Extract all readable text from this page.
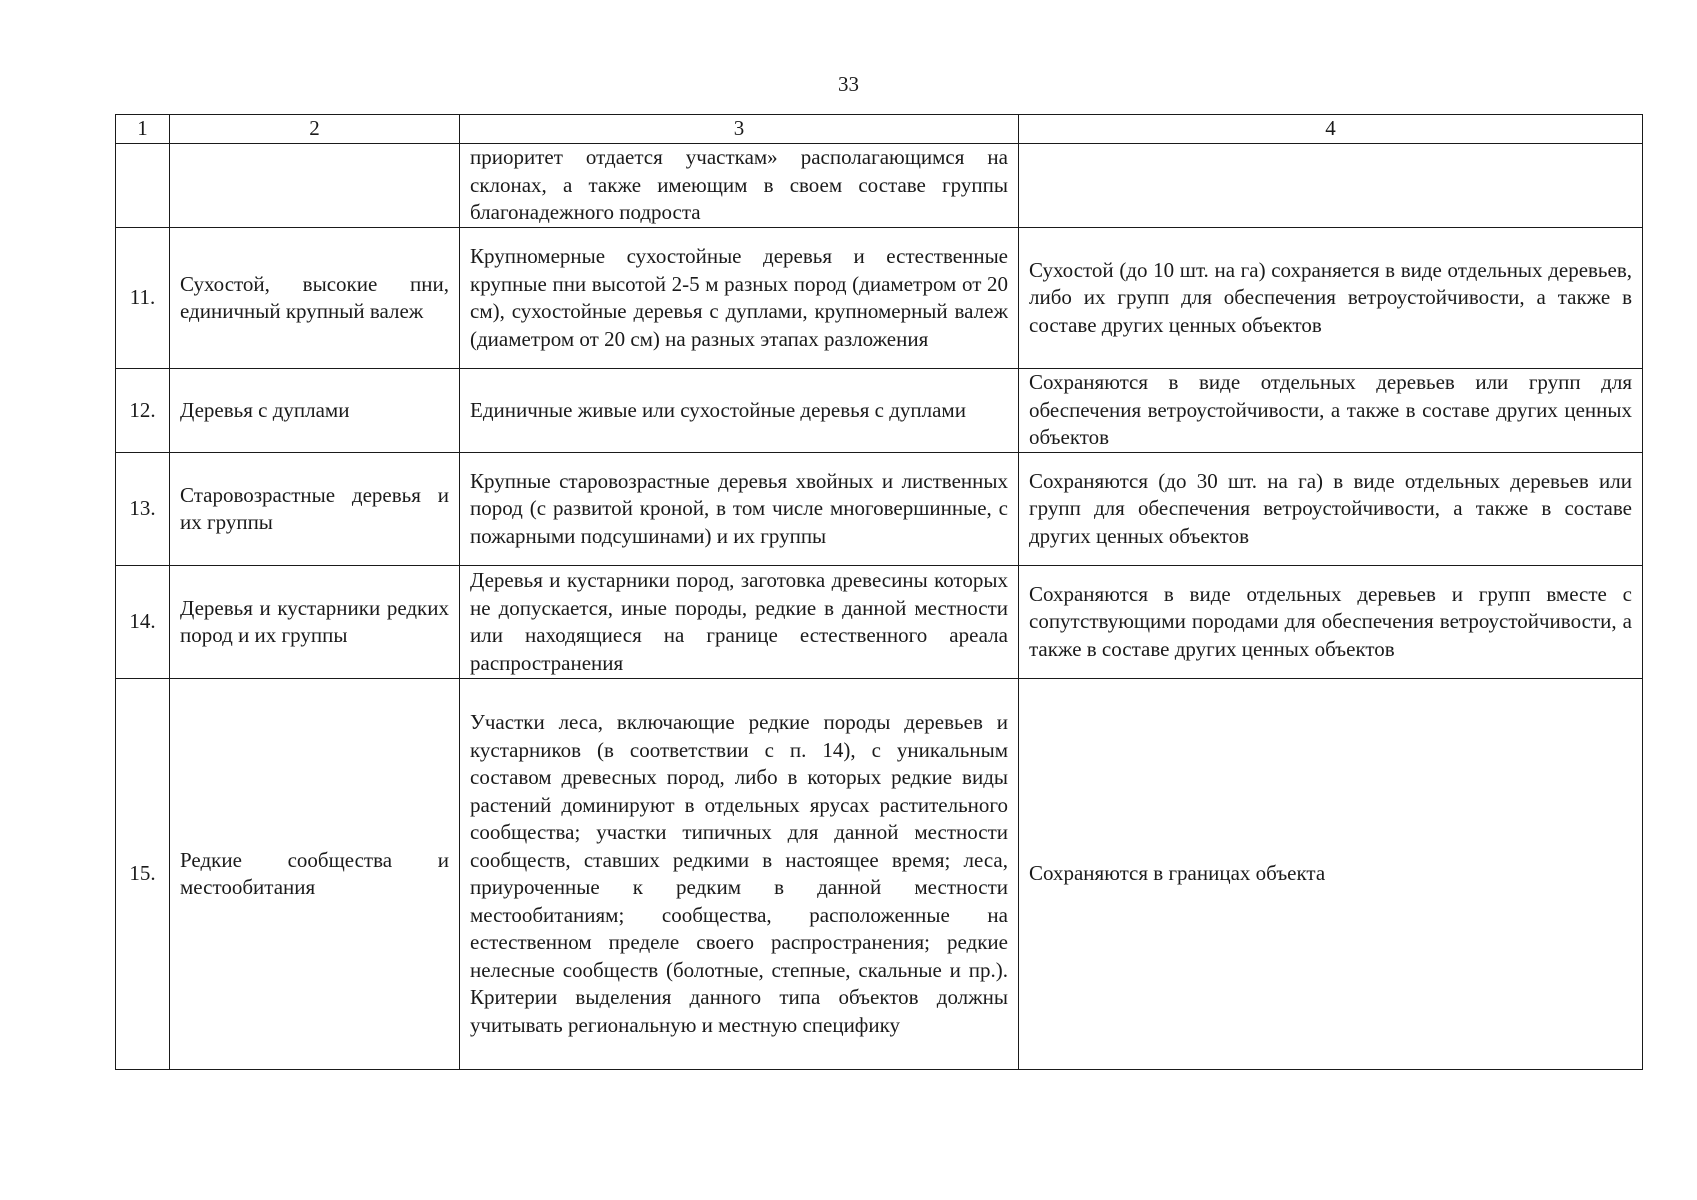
33
1	2	3	4
		приоритет отдается участкам» располагающимся на склонах, а также имеющим в своем составе группы благонадежного подроста	
11.	Сухостой, высокие пни, единичный крупный валеж	Крупномерные сухостойные деревья и естественные крупные пни высотой 2-5 м разных пород (диаметром от 20 см), сухостойные деревья с дуплами, крупномерный валеж (диаметром от 20 см) на разных этапах разложения	Сухостой (до 10 шт. на га) сохраняется в виде отдельных деревьев, либо их групп для обеспечения ветроустойчивости, а также в составе других ценных объектов
12.	Деревья с дуплами	Единичные живые или сухостойные деревья с дуплами	Сохраняются в виде отдельных деревьев или групп для обеспечения ветроустойчивости, а также в составе других ценных объектов
13.	Старовозрастные деревья и их группы	Крупные старовозрастные деревья хвойных и лиственных пород (с развитой кроной, в том числе многовершинные, с пожарными подсушинами) и их группы	Сохраняются (до 30 шт. на га) в виде отдельных деревьев или групп для обеспечения ветроустойчивости, а также в составе других ценных объектов
14.	Деревья и кустарники редких пород и их группы	Деревья и кустарники пород, заготовка древесины которых не допускается, иные породы, редкие в данной местности или находящиеся на границе естественного ареала распространения	Сохраняются в виде отдельных деревьев и групп вместе с сопутствующими породами для обеспечения ветроустойчивости, а также в составе других ценных объектов
15.	Редкие сообщества и местообитания	Участки леса, включающие редкие породы деревьев и кустарников (в соответствии с п. 14), с уникальным составом древесных пород, либо в которых редкие виды растений доминируют в отдельных ярусах растительного сообщества; участки типичных для данной местности сообществ, ставших редкими в настоящее время; леса, приуроченные к редким в данной местности местообитаниям; сообщества, расположенные на естественном пределе своего распространения; редкие нелесные сообществ (болотные, степные, скальные и пр.). Критерии выделения данного типа объектов должны учитывать региональную и местную специфику	Сохраняются в границах объекта
